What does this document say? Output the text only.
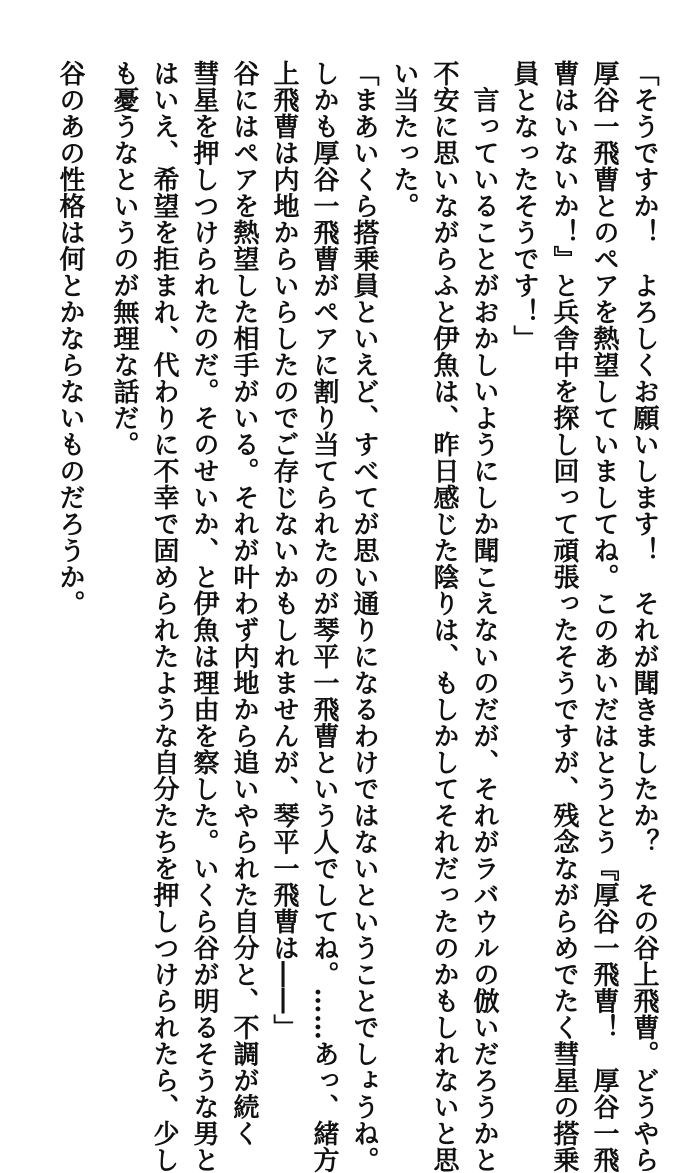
「そうですか！　よろしくお願いします！　それが聞きましたか？　その谷上飛曹。どうやら
厚谷一飛曹とのペアを熱望していましてね。このあいだはとうとう『厚谷一飛曹！　厚谷一飛
曹はいないか！』と兵舎中を探し回って頑張ったそうですが、残念ながらめでたく彗星の搭乗
員となったそうです！」
　言っていることがおかしいようにしか聞こえないのだが、それがラバウルの倣いだろうかと
不安に思いながらふと伊魚は、昨日感じた陰りは、もしかしてそれだったのかもしれないと思
い当たった。
「まあいくら搭乗員といえど、すべてが思い通りになるわけではないということでしょうね。
しかも厚谷一飛曹がペアに割り当てられたのが琴平一飛曹という人でしてね。……あっ、緒方
上飛曹は内地からいらしたのでご存じないかもしれませんが、琴平一飛曹は――」
谷にはペアを熱望した相手がいる。それが叶わず内地から追いやられた自分と、不調が続く
彗星を押しつけられたのだ。そのせいか、と伊魚は理由を察した。いくら谷が明るそうな男と
はいえ、希望を拒まれ、代わりに不幸で固められたような自分たちを押しつけられたら、少し
も憂うなというのが無理な話だ。
谷のあの性格は何とかならないものだろうか。
